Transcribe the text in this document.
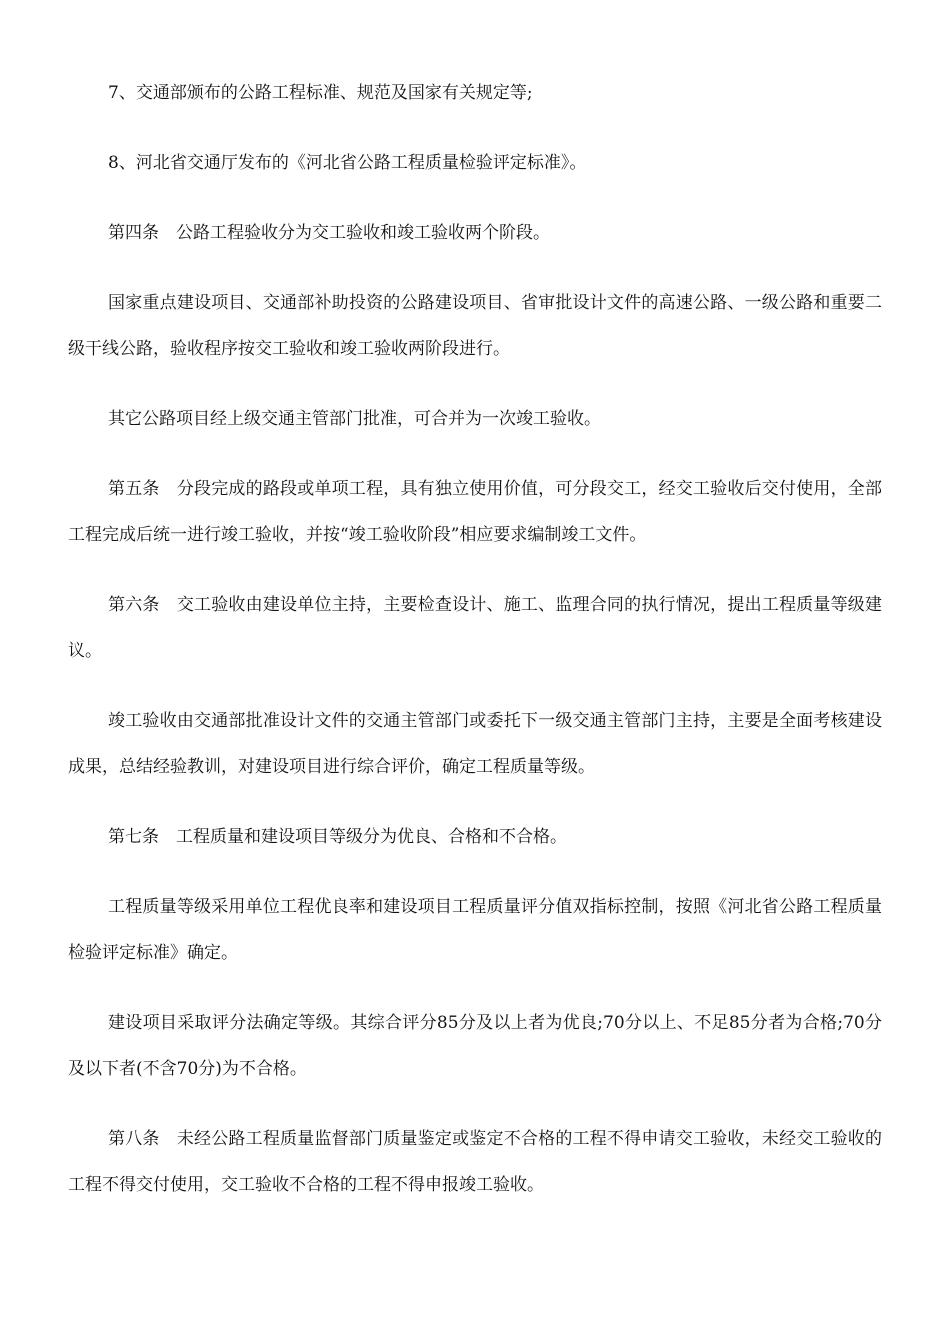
7、交通部颁布的公路工程标准、规范及国家有关规定等;

8、河北省交通厅发布的《河北省公路工程质量检验评定标准》。

第四条　公路工程验收分为交工验收和竣工验收两个阶段。

国家重点建设项目、交通部补助投资的公路建设项目、省审批设计文件的高速公路、一级公路和重要二级干线公路，验收程序按交工验收和竣工验收两阶段进行。

其它公路项目经上级交通主管部门批准，可合并为一次竣工验收。

第五条　分段完成的路段或单项工程，具有独立使用价值，可分段交工，经交工验收后交付使用，全部工程完成后统一进行竣工验收，并按“竣工验收阶段”相应要求编制竣工文件。

第六条　交工验收由建设单位主持，主要检查设计、施工、监理合同的执行情况，提出工程质量等级建议。

竣工验收由交通部批准设计文件的交通主管部门或委托下一级交通主管部门主持，主要是全面考核建设成果，总结经验教训，对建设项目进行综合评价，确定工程质量等级。

第七条　工程质量和建设项目等级分为优良、合格和不合格。

工程质量等级采用单位工程优良率和建设项目工程质量评分值双指标控制，按照《河北省公路工程质量检验评定标准》确定。

建设项目采取评分法确定等级。其综合评分85分及以上者为优良;70分以上、不足85分者为合格;70分及以下者(不含70分)为不合格。

第八条　未经公路工程质量监督部门质量鉴定或鉴定不合格的工程不得申请交工验收，未经交工验收的工程不得交付使用，交工验收不合格的工程不得申报竣工验收。
